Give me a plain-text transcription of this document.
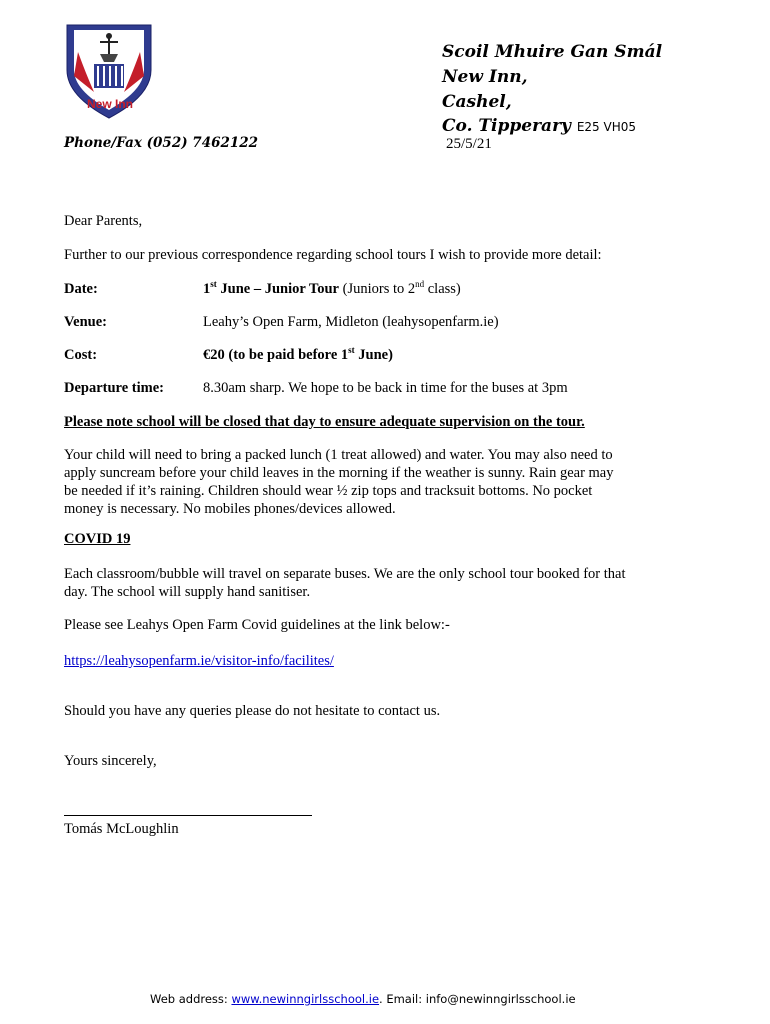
New Inn
Scoil Mhuire Gan Smál
New Inn,
Cashel,
Co. Tipperary E25 VH05
Phone/Fax (052) 7462122	25/5/21
Dear Parents,
Further to our previous correspondence regarding school tours I wish to provide more detail:
Date:	1st June – Junior Tour (Juniors to 2nd class)
Venue:	Leahy’s Open Farm, Midleton (leahysopenfarm.ie)
Cost:	€20 (to be paid before 1st June)
Departure time:	8.30am sharp. We hope to be back in time for the buses at 3pm
Please note school will be closed that day to ensure adequate supervision on the tour.
Your child will need to bring a packed lunch (1 treat allowed) and water. You may also need to
apply suncream before your child leaves in the morning if the weather is sunny. Rain gear may
be needed if it’s raining. Children should wear ½ zip tops and tracksuit bottoms. No pocket
money is necessary. No mobiles phones/devices allowed.
COVID 19
Each classroom/bubble will travel on separate buses. We are the only school tour booked for that
day. The school will supply hand sanitiser.
Please see Leahys Open Farm Covid guidelines at the link below:-
https://leahysopenfarm.ie/visitor-info/facilites/
Should you have any queries please do not hesitate to contact us.
Yours sincerely,
Tomás McLoughlin
Web address: www.newinngirlsschool.ie. Email: info@newinngirlsschool.ie
